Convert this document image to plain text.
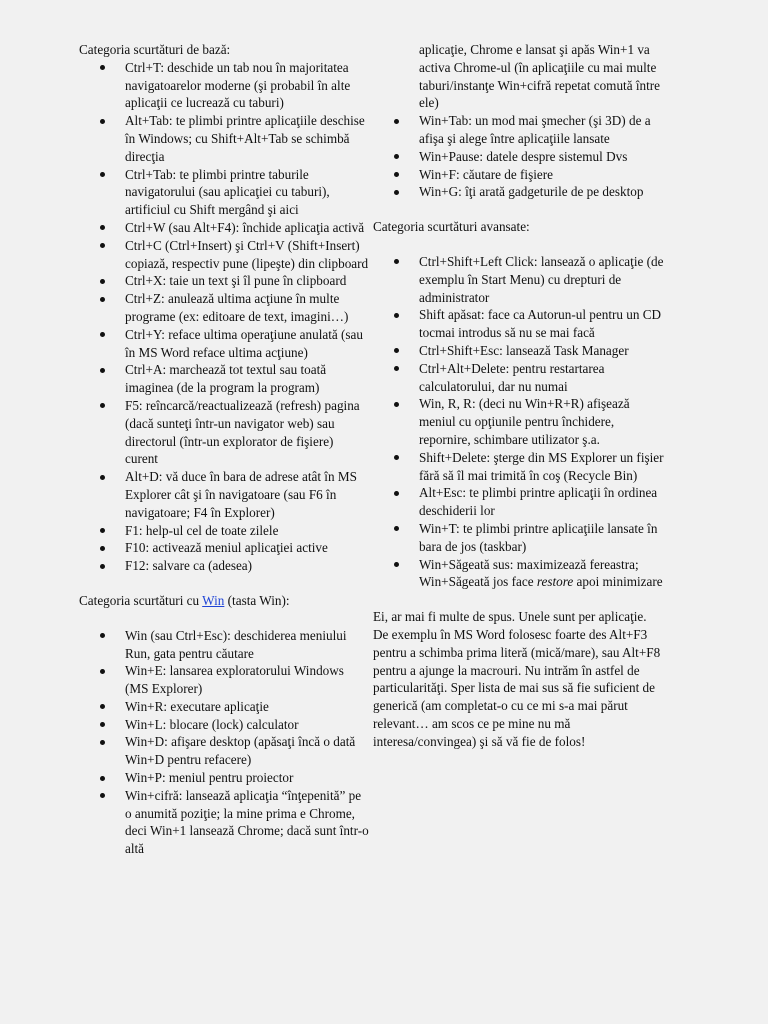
Categoria scurtături de bază:

Ctrl+T: deschide un tab nou în majoritatea navigatoarelor moderne (şi probabil în alte aplicaţii ce lucrează cu taburi)
Alt+Tab: te plimbi printre aplicaţiile deschise în Windows; cu Shift+Alt+Tab se schimbă direcţia
Ctrl+Tab: te plimbi printre taburile navigatorului (sau aplicaţiei cu taburi), artificiul cu Shift mergând şi aici
Ctrl+W (sau Alt+F4): închide aplicaţia activă
Ctrl+C (Ctrl+Insert) şi Ctrl+V (Shift+Insert) copiază, respectiv pune (lipeşte) din clipboard
Ctrl+X: taie un text şi îl pune în clipboard
Ctrl+Z: anulează ultima acţiune în multe programe (ex: editoare de text, imagini…)
Ctrl+Y: reface ultima operaţiune anulată (sau în MS Word reface ultima acţiune)
Ctrl+A: marchează tot textul sau toată imaginea (de la program la program)
F5: reîncarcă/reactualizează (refresh) pagina (dacă sunteţi într-un navigator web) sau directorul (într-un explorator de fişiere) curent
Alt+D: vă duce în bara de adrese atât în MS Explorer cât şi în navigatoare (sau F6 în navigatoare; F4 în Explorer)
F1: help-ul cel de toate zilele
F10: activează meniul aplicaţiei active
F12: salvare ca (adesea)

Categoria scurtături cu Win (tasta Win):

Win (sau Ctrl+Esc): deschiderea meniului Run, gata pentru căutare
Win+E: lansarea exploratorului Windows (MS Explorer)
Win+R: executare aplicaţie
Win+L: blocare (lock) calculator
Win+D: afişare desktop (apăsaţi încă o dată Win+D pentru refacere)
Win+P: meniul pentru proiector
Win+cifră: lansează aplicaţia “înţepenită” pe o anumită poziţie; la mine prima e Chrome, deci Win+1 lansează Chrome; dacă sunt într-o altă

aplicaţie, Chrome e lansat şi apăs Win+1 va activa Chrome-ul (în aplicaţiile cu mai multe taburi/instanţe Win+cifră repetat comută între ele)

Win+Tab: un mod mai şmecher (şi 3D) de a afişa şi alege între aplicaţiile lansate
Win+Pause: datele despre sistemul Dvs
Win+F: căutare de fişiere
Win+G: îţi arată gadgeturile de pe desktop

Categoria scurtături avansate:

Ctrl+Shift+Left Click: lansează o aplicaţie (de exemplu în Start Menu) cu drepturi de administrator
Shift apăsat: face ca Autorun-ul pentru un CD tocmai introdus să nu se mai facă
Ctrl+Shift+Esc: lansează Task Manager
Ctrl+Alt+Delete: pentru restartarea calculatorului, dar nu numai
Win, R, R: (deci nu Win+R+R) afişează meniul cu opţiunile pentru închidere, repornire, schimbare utilizator ş.a.
Shift+Delete: şterge din MS Explorer un fişier fără să îl mai trimită în coş (Recycle Bin)
Alt+Esc: te plimbi printre aplicaţii în ordinea deschiderii lor
Win+T: te plimbi printre aplicaţiile lansate în bara de jos (taskbar)
Win+Săgeată sus: maximizează fereastra; Win+Săgeată jos face restore apoi minimizare

Ei, ar mai fi multe de spus. Unele sunt per aplicaţie. De exemplu în MS Word folosesc foarte des Alt+F3 pentru a schimba prima literă (mică/mare), sau Alt+F8 pentru a ajunge la macrouri. Nu intrăm în astfel de particularităţi. Sper lista de mai sus să fie suficient de generică (am completat-o cu ce mi s-a mai părut relevant… am scos ce pe mine nu mă interesa/convingea) şi să vă fie de folos!
